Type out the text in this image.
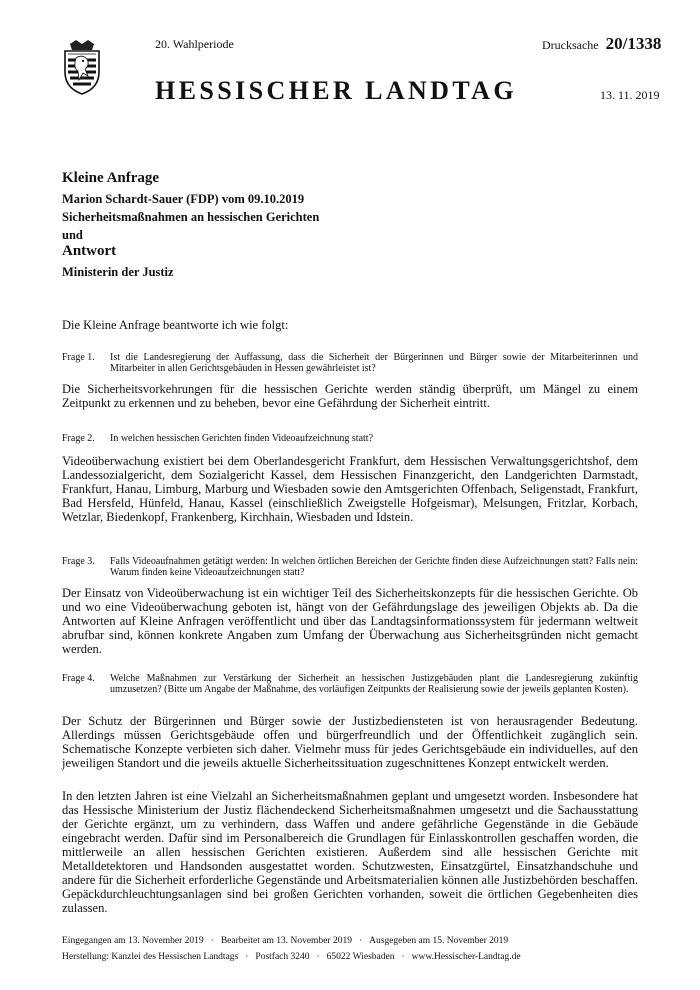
20. Wahlperiode	Drucksache 20/1338
HESSISCHER LANDTAG	13. 11. 2019
Kleine Anfrage
Marion Schardt-Sauer (FDP) vom 09.10.2019
Sicherheitsmaßnahmen an hessischen Gerichten
und
Antwort
Ministerin der Justiz
Die Kleine Anfrage beantworte ich wie folgt:
Frage 1. Ist die Landesregierung der Auffassung, dass die Sicherheit der Bürgerinnen und Bürger sowie der Mitarbeiterinnen und Mitarbeiter in allen Gerichtsgebäuden in Hessen gewährleistet ist?
Die Sicherheitsvorkehrungen für die hessischen Gerichte werden ständig überprüft, um Mängel zu einem Zeitpunkt zu erkennen und zu beheben, bevor eine Gefährdung der Sicherheit eintritt.
Frage 2. In welchen hessischen Gerichten finden Videoaufzeichnung statt?
Videoüberwachung existiert bei dem Oberlandesgericht Frankfurt, dem Hessischen Verwaltungsgerichtshof, dem Landessozialgericht, dem Sozialgericht Kassel, dem Hessischen Finanzgericht, den Landgerichten Darmstadt, Frankfurt, Hanau, Limburg, Marburg und Wiesbaden sowie den Amtsgerichten Offenbach, Seligenstadt, Frankfurt, Bad Hersfeld, Hünfeld, Hanau, Kassel (einschließlich Zweigstelle Hofgeismar), Melsungen, Fritzlar, Korbach, Wetzlar, Biedenkopf, Frankenberg, Kirchhain, Wiesbaden und Idstein.
Frage 3. Falls Videoaufnahmen getätigt werden: In welchen örtlichen Bereichen der Gerichte finden diese Aufzeichnungen statt? Falls nein: Warum finden keine Videoaufzeichnungen statt?
Der Einsatz von Videoüberwachung ist ein wichtiger Teil des Sicherheitskonzepts für die hessischen Gerichte. Ob und wo eine Videoüberwachung geboten ist, hängt von der Gefährdungslage des jeweiligen Objekts ab. Da die Antworten auf Kleine Anfragen veröffentlicht und über das Landtagsinformationssystem für jedermann weltweit abrufbar sind, können konkrete Angaben zum Umfang der Überwachung aus Sicherheitsgründen nicht gemacht werden.
Frage 4. Welche Maßnahmen zur Verstärkung der Sicherheit an hessischen Justizgebäuden plant die Landesregierung zukünftig umzusetzen? (Bitte um Angabe der Maßnahme, des vorläufigen Zeitpunkts der Realisierung sowie der jeweils geplanten Kosten).
Der Schutz der Bürgerinnen und Bürger sowie der Justizbediensteten ist von herausragender Bedeutung. Allerdings müssen Gerichtsgebäude offen und bürgerfreundlich und der Öffentlichkeit zugänglich sein. Schematische Konzepte verbieten sich daher. Vielmehr muss für jedes Gerichtsgebäude ein individuelles, auf den jeweiligen Standort und die jeweils aktuelle Sicherheitssituation zugeschnittenes Konzept entwickelt werden.
In den letzten Jahren ist eine Vielzahl an Sicherheitsmaßnahmen geplant und umgesetzt worden. Insbesondere hat das Hessische Ministerium der Justiz flächendeckend Sicherheitsmaßnahmen umgesetzt und die Sachausstattung der Gerichte ergänzt, um zu verhindern, dass Waffen und andere gefährliche Gegenstände in die Gebäude eingebracht werden. Dafür sind im Personalbereich die Grundlagen für Einlasskontrollen geschaffen worden, die mittlerweile an allen hessischen Gerichten existieren. Außerdem sind alle hessischen Gerichte mit Metalldetektoren und Handsonden ausgestattet worden. Schutzwesten, Einsatzgürtel, Einsatzhandschuhe und andere für die Sicherheit erforderliche Gegenstände und Arbeitsmaterialien können alle Justizbehörden beschaffen. Gepäckdurchleuchtungsanlagen sind bei großen Gerichten vorhanden, soweit die örtlichen Gegebenheiten dies zulassen.
Eingegangen am 13. November 2019 · Bearbeitet am 13. November 2019 · Ausgegeben am 15. November 2019
Herstellung: Kanzlei des Hessischen Landtags · Postfach 3240 · 65022 Wiesbaden · www.Hessischer-Landtag.de
